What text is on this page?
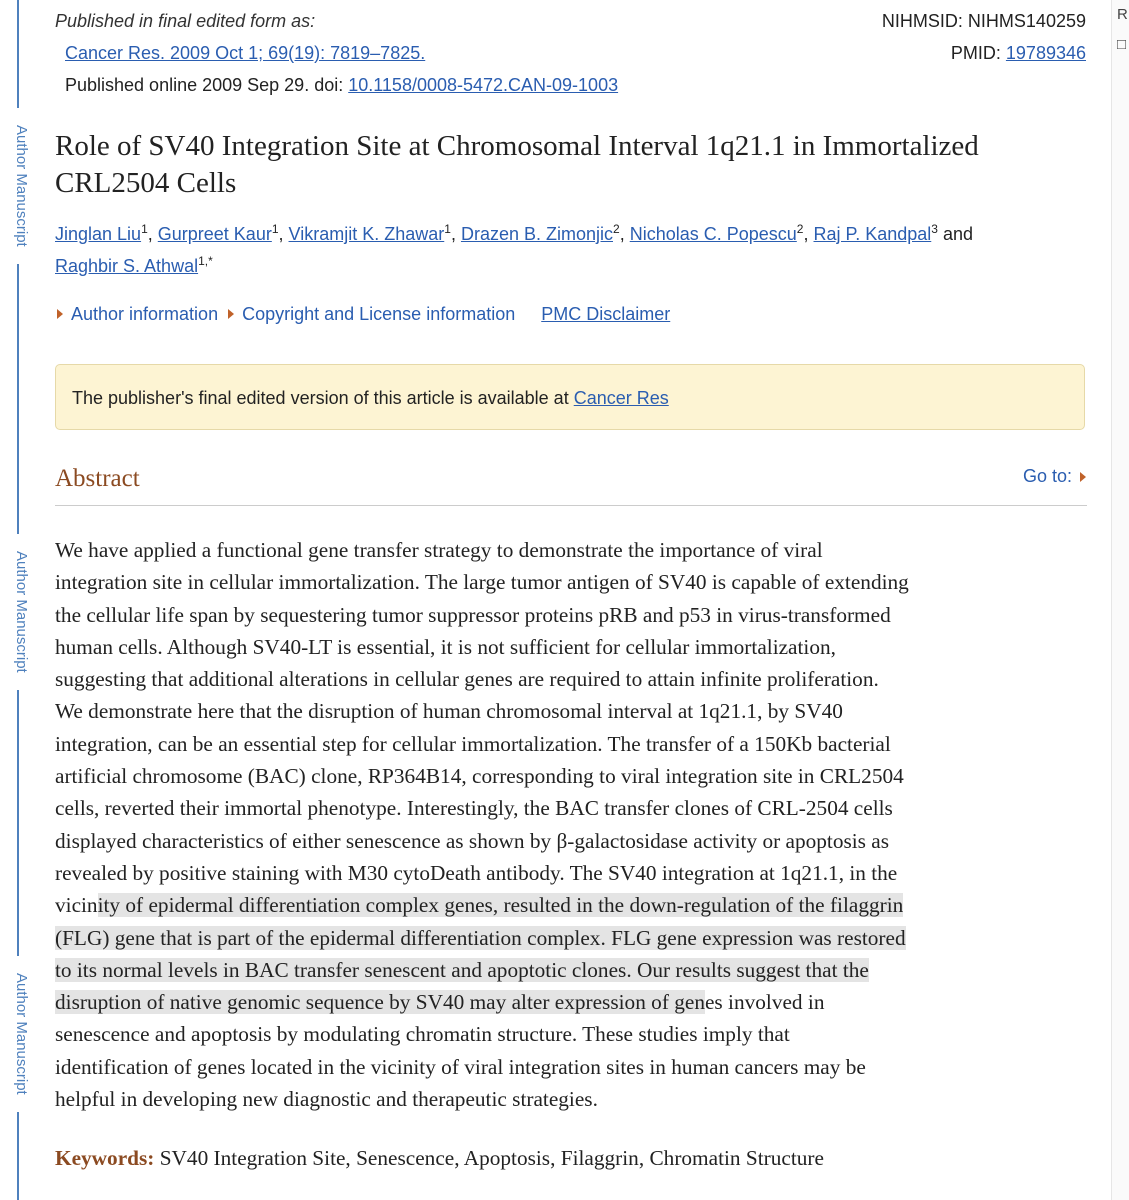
Author Manuscript
Author Manuscript
Author Manuscript
R
□
Published in final edited form as:
Cancer Res. 2009 Oct 1; 69(19): 7819–7825.
Published online 2009 Sep 29. doi: 10.1158/0008-5472.CAN-09-1003
NIHMSID: NIHMS140259
PMID: 19789346
Role of SV40 Integration Site at Chromosomal Interval 1q21.1 in Immortalized
CRL2504 Cells
Jinglan Liu$^1$, Gurpreet Kaur$^1$, Vikramjit K. Zhawar$^1$, Drazen B. Zimonjic$^2$, Nicholas C. Popescu$^2$, Raj P. Kandpal$^3$ and
Raghbir S. Athwal$^{1,*}$
Author information Copyright and License information PMC Disclaimer
The publisher's final edited version of this article is available at Cancer Res
Abstract	Go to:
We have applied a functional gene transfer strategy to demonstrate the importance of viral
integration site in cellular immortalization. The large tumor antigen of SV40 is capable of extending
the cellular life span by sequestering tumor suppressor proteins pRB and p53 in virus-transformed
human cells. Although SV40-LT is essential, it is not sufficient for cellular immortalization,
suggesting that additional alterations in cellular genes are required to attain infinite proliferation.
We demonstrate here that the disruption of human chromosomal interval at 1q21.1, by SV40
integration, can be an essential step for cellular immortalization. The transfer of a 150Kb bacterial
artificial chromosome (BAC) clone, RP364B14, corresponding to viral integration site in CRL2504
cells, reverted their immortal phenotype. Interestingly, the BAC transfer clones of CRL-2504 cells
displayed characteristics of either senescence as shown by β-galactosidase activity or apoptosis as
revealed by positive staining with M30 cytoDeath antibody. The SV40 integration at 1q21.1, in the
vicinity of epidermal differentiation complex genes, resulted in the down-regulation of the filaggrin
(FLG) gene that is part of the epidermal differentiation complex. FLG gene expression was restored
to its normal levels in BAC transfer senescent and apoptotic clones. Our results suggest that the
disruption of native genomic sequence by SV40 may alter expression of genes involved in
senescence and apoptosis by modulating chromatin structure. These studies imply that
identification of genes located in the vicinity of viral integration sites in human cancers may be
helpful in developing new diagnostic and therapeutic strategies.
Keywords: SV40 Integration Site, Senescence, Apoptosis, Filaggrin, Chromatin Structure
